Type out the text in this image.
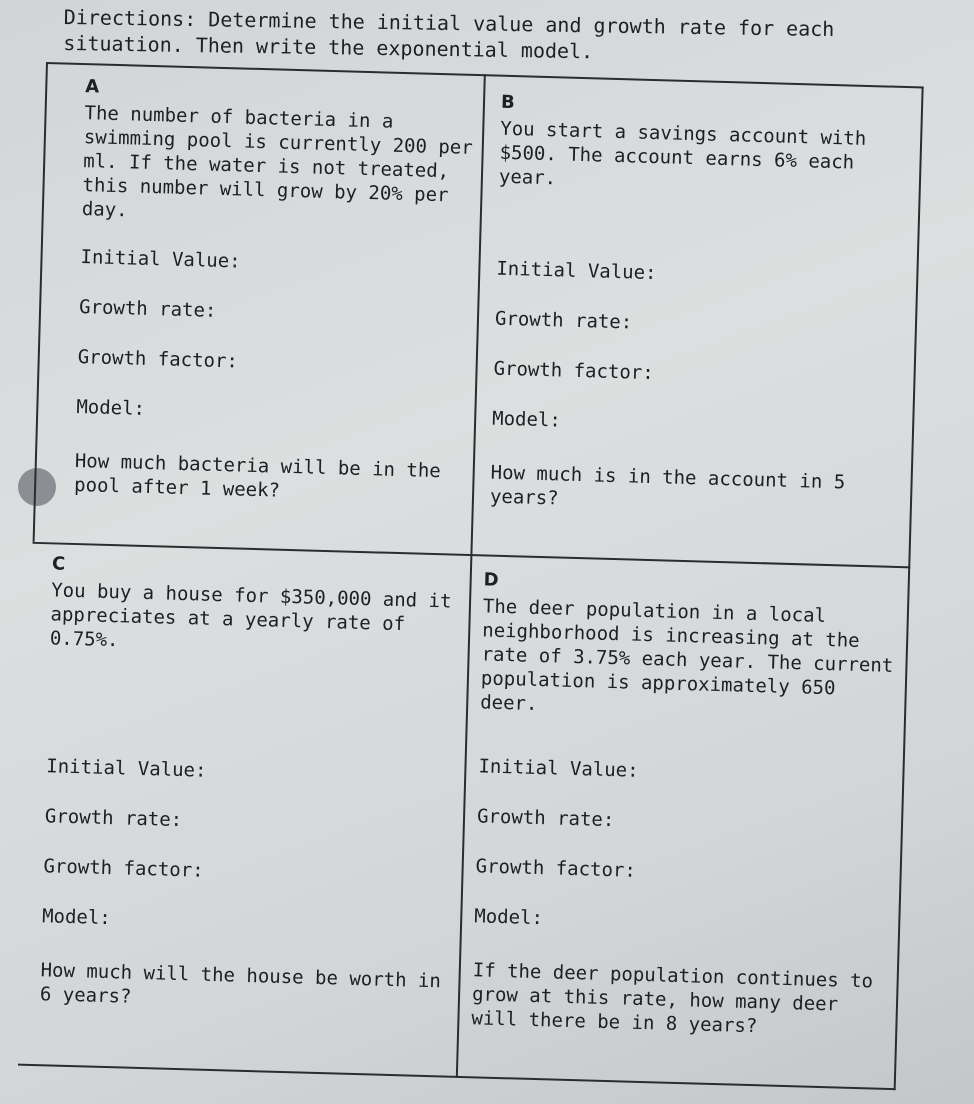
Directions: Determine the initial value and growth rate for each situation. Then write the exponential model.

A
The number of bacteria in a swimming pool is currently 200 per ml. If the water is not treated, this number will grow by 20% per day.
Initial Value:
Growth rate:
Growth factor:
Model:
How much bacteria will be in the pool after 1 week?
B
You start a savings account with $500. The account earns 6% each year.
Initial Value:
Growth rate:
Growth factor:
Model:
How much is in the account in 5 years?
C
You buy a house for $350,000 and it appreciates at a yearly rate of 0.75%.
Initial Value:
Growth rate:
Growth factor:
Model:
How much will the house be worth in 6 years?
D
The deer population in a local neighborhood is increasing at the rate of 3.75% each year. The current population is approximately 650 deer.
Initial Value:
Growth rate:
Growth factor:
Model:
If the deer population continues to grow at this rate, how many deer will there be in 8 years?
